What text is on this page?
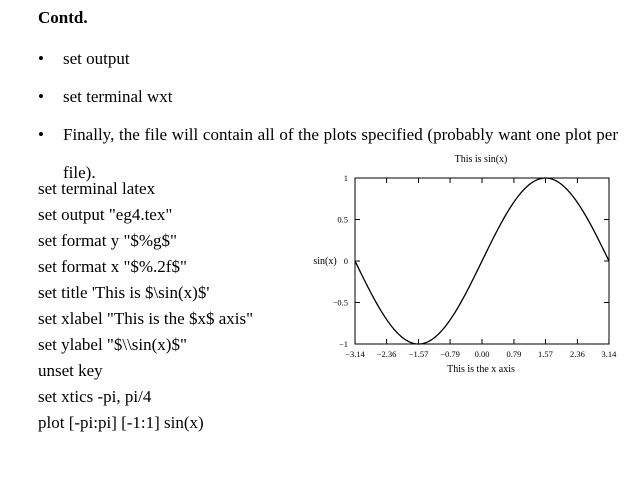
Contd.
•	set output
•	set terminal wxt
•	Finally, the file will contain all of the plots specified (probably want one plot per file).
set terminal latex
set output "eg4.tex"
set format y "$%g$"
set format x "$%.2f$"
set title 'This is $\sin(x)$'
set xlabel "This is the $x$ axis"
set ylabel "$\\sin(x)$"
unset key
set xtics -pi, pi/4
plot [-pi:pi] [-1:1] sin(x)
This is sin(x)
sin(x)
This is the x axis
−3.14 −2.36 −1.57 −0.79 0.00 0.79 1.57 2.36 3.14
−1
−0.5
0
0.5
1
